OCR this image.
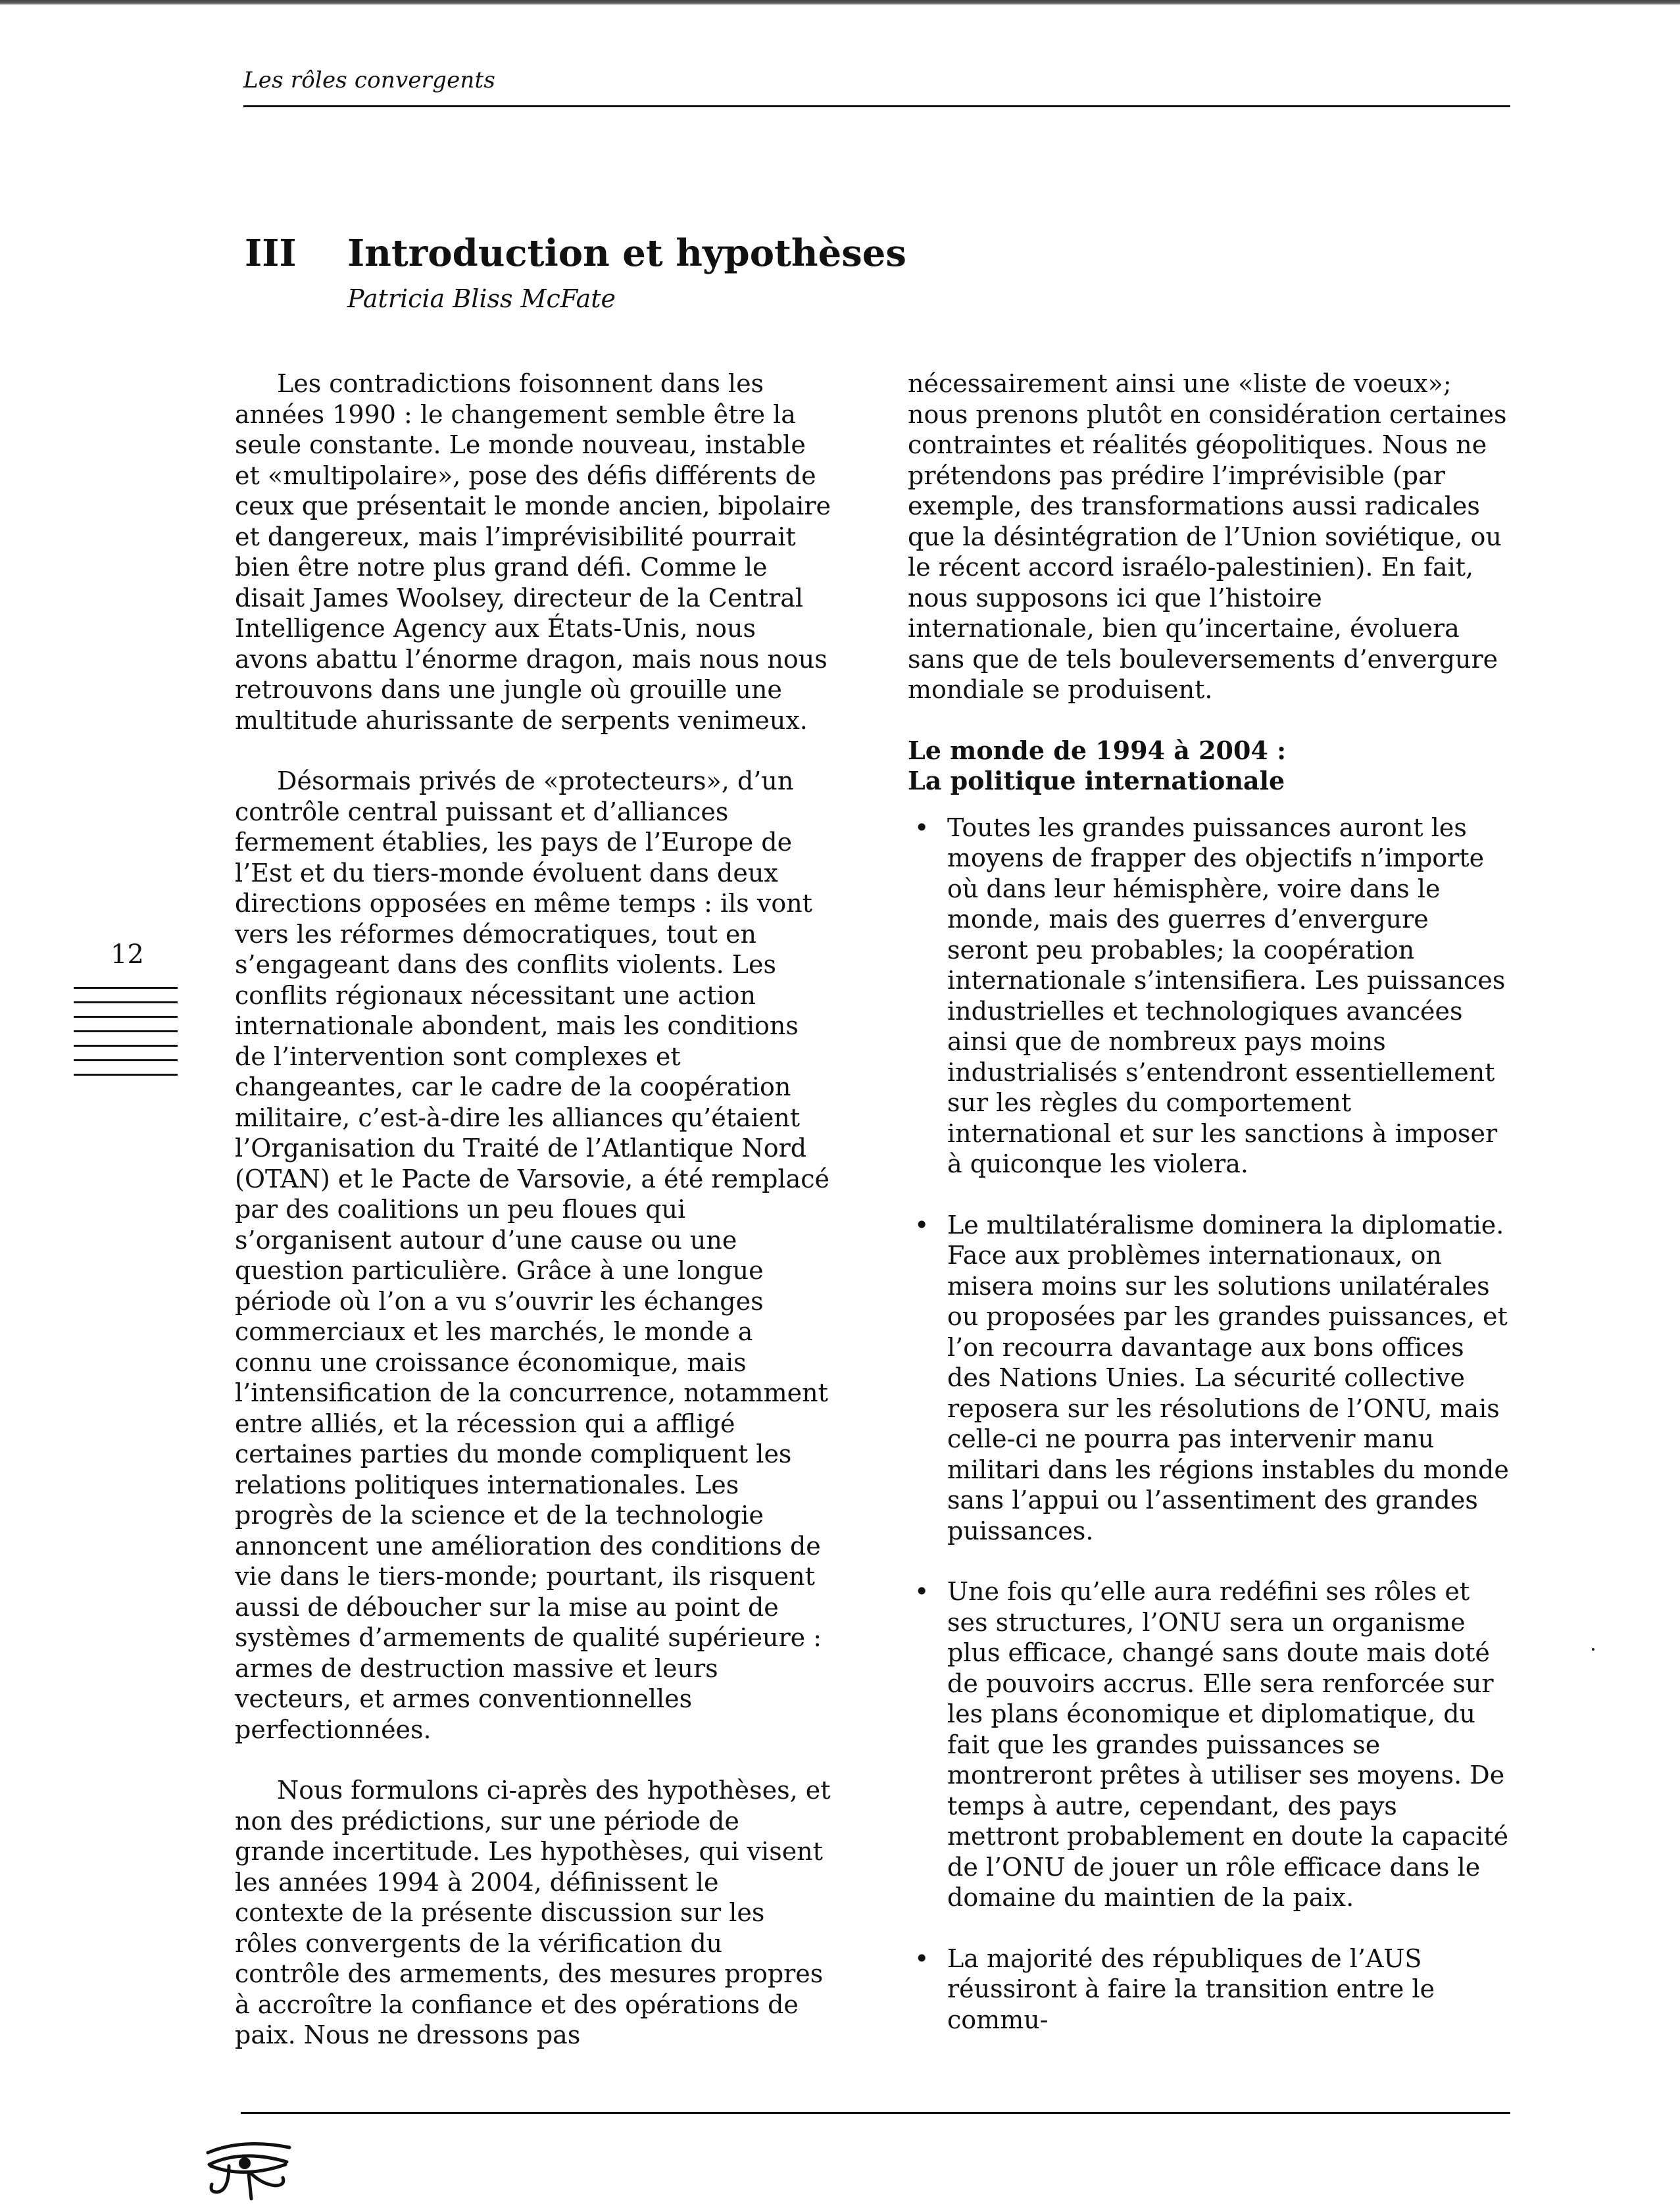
Les rôles convergents
III Introduction et hypothèses
Patricia Bliss McFate

Les contradictions foisonnent dans les années 1990 : le changement semble être la seule constante. Le monde nouveau, instable et «multipolaire», pose des défis différents de ceux que présentait le monde ancien, bipolaire et dangereux, mais l’imprévisibilité pourrait bien être notre plus grand défi. Comme le disait James Woolsey, directeur de la Central Intelligence Agency aux États-Unis, nous avons abattu l’énorme dragon, mais nous nous retrouvons dans une jungle où grouille une multitude ahurissante de serpents venimeux.

Désormais privés de «protecteurs», d’un contrôle central puissant et d’alliances fermement établies, les pays de l’Europe de l’Est et du tiers-monde évoluent dans deux directions opposées en même temps : ils vont vers les réformes démocratiques, tout en s’engageant dans des conflits violents. Les conflits régionaux nécessitant une action internationale abondent, mais les conditions de l’intervention sont complexes et changeantes, car le cadre de la coopération militaire, c’est-à-dire les alliances qu’étaient l’Organisation du Traité de l’Atlantique Nord (OTAN) et le Pacte de Varsovie, a été remplacé par des coalitions un peu floues qui s’organisent autour d’une cause ou une question particulière. Grâce à une longue période où l’on a vu s’ouvrir les échanges commerciaux et les marchés, le monde a connu une croissance économique, mais l’intensification de la concurrence, notamment entre alliés, et la récession qui a affligé certaines parties du monde compliquent les relations politiques internationales. Les progrès de la science et de la technologie annoncent une amélioration des conditions de vie dans le tiers-monde; pourtant, ils risquent aussi de déboucher sur la mise au point de systèmes d’armements de qualité supérieure : armes de destruction massive et leurs vecteurs, et armes conventionnelles perfectionnées.

Nous formulons ci-après des hypothèses, et non des prédictions, sur une période de grande incertitude. Les hypothèses, qui visent les années 1994 à 2004, définissent le contexte de la présente discussion sur les rôles convergents de la vérification du contrôle des armements, des mesures propres à accroître la confiance et des opérations de paix. Nous ne dressons pas

nécessairement ainsi une «liste de voeux»; nous prenons plutôt en considération certaines contraintes et réalités géopolitiques. Nous ne prétendons pas prédire l’imprévisible (par exemple, des transformations aussi radicales que la désintégration de l’Union soviétique, ou le récent accord israélo-palestinien). En fait, nous supposons ici que l’histoire internationale, bien qu’incertaine, évoluera sans que de tels bouleversements d’envergure mondiale se produisent.

Le monde de 1994 à 2004 :
La politique internationale
• Toutes les grandes puissances auront les moyens de frapper des objectifs n’importe où dans leur hémisphère, voire dans le monde, mais des guerres d’envergure seront peu probables; la coopération internationale s’intensifiera. Les puissances industrielles et technologiques avancées ainsi que de nombreux pays moins industrialisés s’entendront essentiellement sur les règles du comportement international et sur les sanctions à imposer à quiconque les violera.
• Le multilatéralisme dominera la diplomatie. Face aux problèmes internationaux, on misera moins sur les solutions unilatérales ou proposées par les grandes puissances, et l’on recourra davantage aux bons offices des Nations Unies. La sécurité collective reposera sur les résolutions de l’ONU, mais celle-ci ne pourra pas intervenir manu militari dans les régions instables du monde sans l’appui ou l’assentiment des grandes puissances.
• Une fois qu’elle aura redéfini ses rôles et ses structures, l’ONU sera un organisme plus efficace, changé sans doute mais doté de pouvoirs accrus. Elle sera renforcée sur les plans économique et diplomatique, du fait que les grandes puissances se montreront prêtes à utiliser ses moyens. De temps à autre, cependant, des pays mettront probablement en doute la capacité de l’ONU de jouer un rôle efficace dans le domaine du maintien de la paix.
• La majorité des républiques de l’AUS réussiront à faire la transition entre le commu-
12
